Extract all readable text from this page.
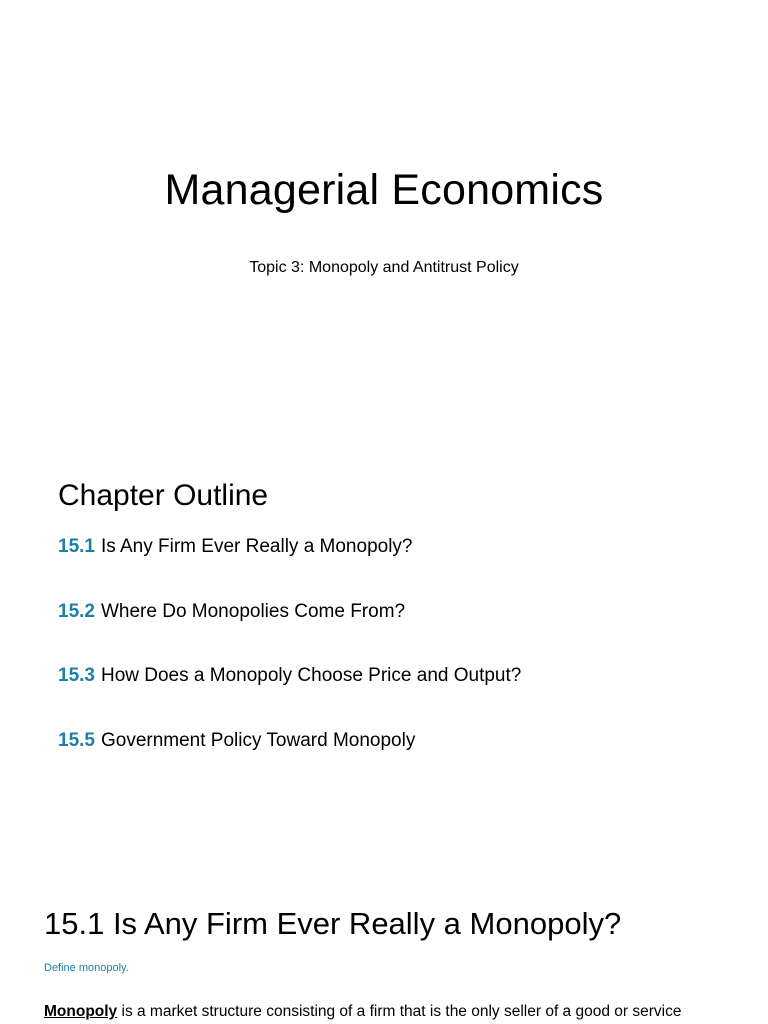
Managerial Economics
Topic 3: Monopoly and Antitrust Policy
Chapter Outline
15.1 Is Any Firm Ever Really a Monopoly?
15.2 Where Do Monopolies Come From?
15.3 How Does a Monopoly Choose Price and Output?
15.5 Government Policy Toward Monopoly
15.1 Is Any Firm Ever Really a Monopoly?
Define monopoly.
Monopoly is a market structure consisting of a firm that is the only seller of a good or service
